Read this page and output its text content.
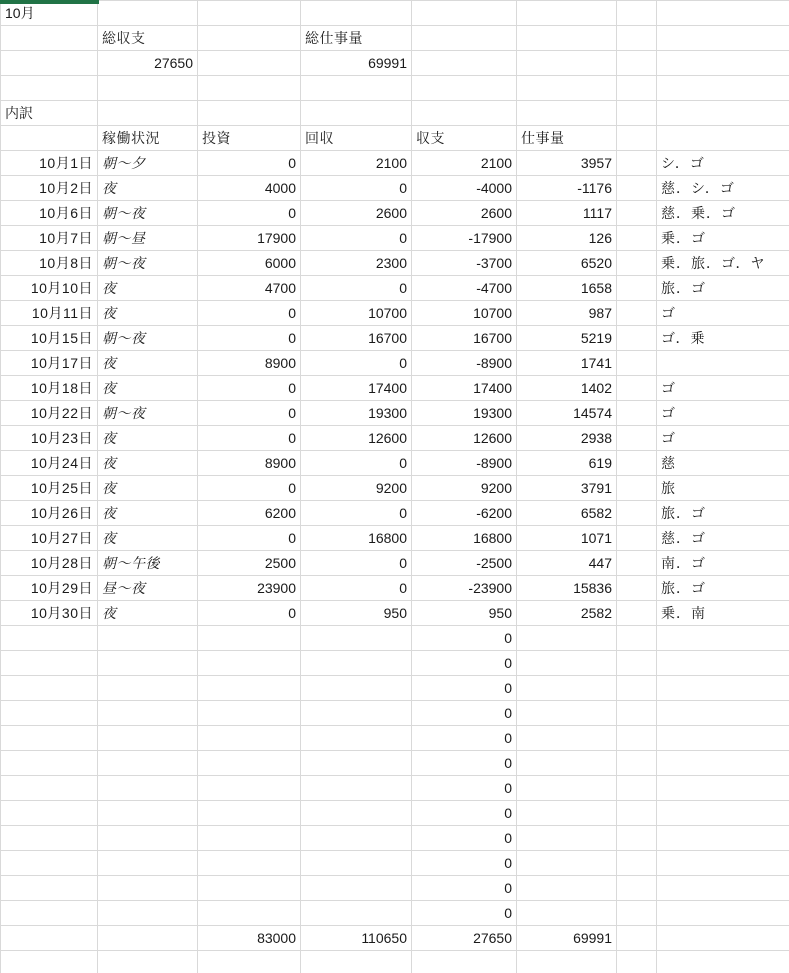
10月							
	総収支		総仕事量				
	27650		69991				

内訳							
	稼働状況	投資	回収	収支	仕事量		
10月1日	朝〜夕	0	2100	2100	3957		シ．ゴ
10月2日	夜	4000	0	-4000	-1176		慈．シ．ゴ
10月6日	朝〜夜	0	2600	2600	1117		慈．乗．ゴ
10月7日	朝〜昼	17900	0	-17900	126		乗．ゴ
10月8日	朝〜夜	6000	2300	-3700	6520		乗．旅．ゴ．ヤ
10月10日	夜	4700	0	-4700	1658		旅．ゴ
10月11日	夜	0	10700	10700	987		ゴ
10月15日	朝〜夜	0	16700	16700	5219		ゴ．乗
10月17日	夜	8900	0	-8900	1741		
10月18日	夜	0	17400	17400	1402		ゴ
10月22日	朝〜夜	0	19300	19300	14574		ゴ
10月23日	夜	0	12600	12600	2938		ゴ
10月24日	夜	8900	0	-8900	619		慈
10月25日	夜	0	9200	9200	3791		旅
10月26日	夜	6200	0	-6200	6582		旅．ゴ
10月27日	夜	0	16800	16800	1071		慈．ゴ
10月28日	朝〜午後	2500	0	-2500	447		南．ゴ
10月29日	昼〜夜	23900	0	-23900	15836		旅．ゴ
10月30日	夜	0	950	950	2582		乗．南
				0			
				0			
				0			
				0			
				0			
				0			
				0			
				0			
				0			
				0			
				0			
				0			
		83000	110650	27650	69991		
